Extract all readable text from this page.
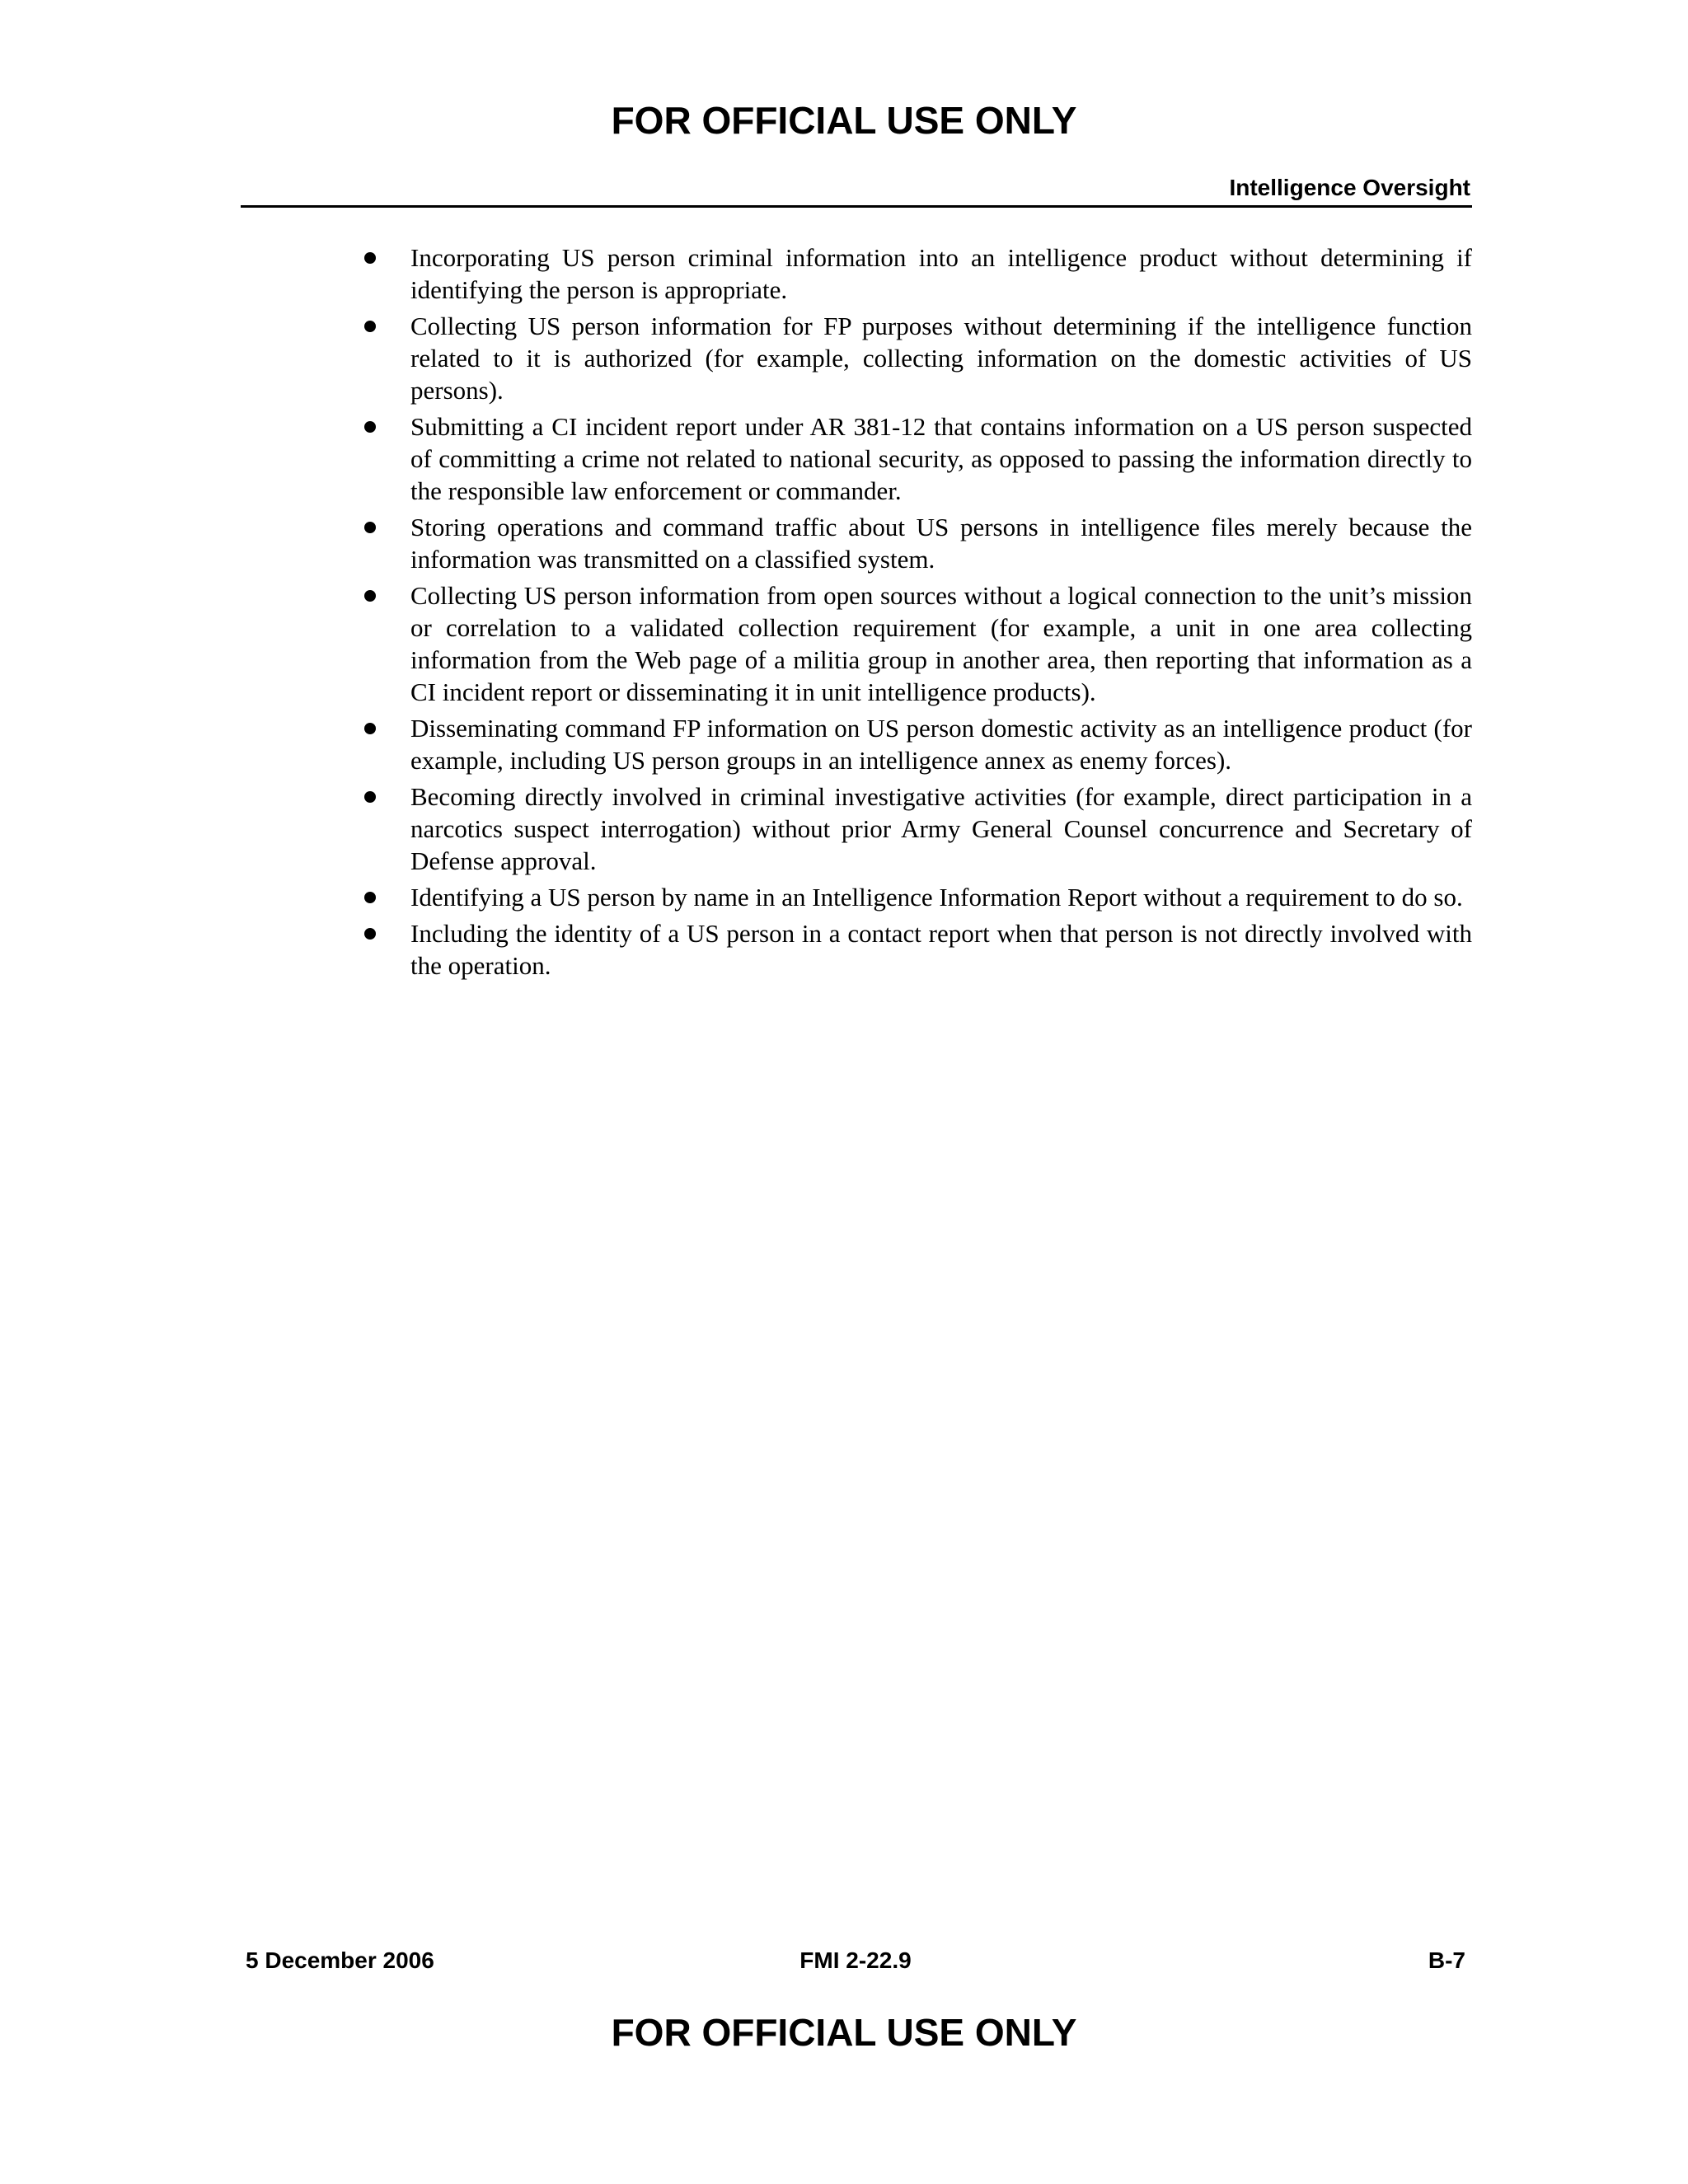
FOR OFFICIAL USE ONLY
Intelligence Oversight
Incorporating US person criminal information into an intelligence product without determining if identifying the person is appropriate.
Collecting US person information for FP purposes without determining if the intelligence function related to it is authorized (for example, collecting information on the domestic activities of US persons).
Submitting a CI incident report under AR 381-12 that contains information on a US person suspected of committing a crime not related to national security, as opposed to passing the information directly to the responsible law enforcement or commander.
Storing operations and command traffic about US persons in intelligence files merely because the information was transmitted on a classified system.
Collecting US person information from open sources without a logical connection to the unit’s mission or correlation to a validated collection requirement (for example, a unit in one area collecting information from the Web page of a militia group in another area, then reporting that information as a CI incident report or disseminating it in unit intelligence products).
Disseminating command FP information on US person domestic activity as an intelligence product (for example, including US person groups in an intelligence annex as enemy forces).
Becoming directly involved in criminal investigative activities (for example, direct participation in a narcotics suspect interrogation) without prior Army General Counsel concurrence and Secretary of Defense approval.
Identifying a US person by name in an Intelligence Information Report without a requirement to do so.
Including the identity of a US person in a contact report when that person is not directly involved with the operation.
5 December 2006	FMI 2-22.9	B-7
FOR OFFICIAL USE ONLY
